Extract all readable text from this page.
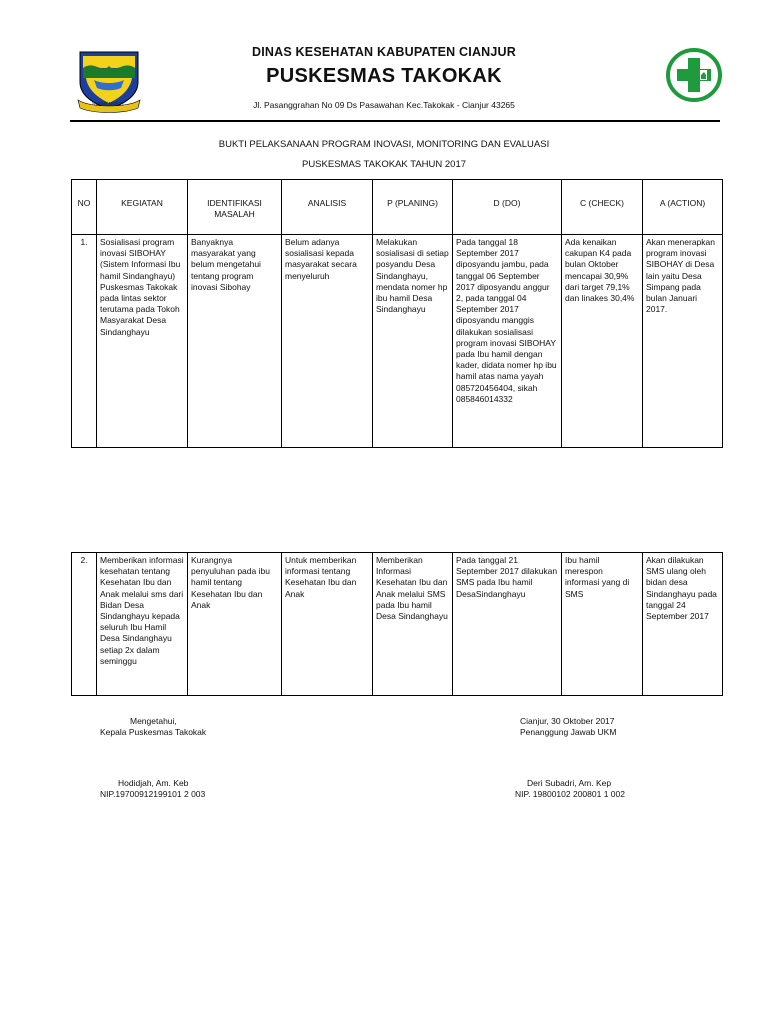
SUGIH MUKTI
DINAS KESEHATAN KABUPATEN CIANJUR
PUSKESMAS TAKOKAK
Jl. Pasanggrahan No 09 Ds Pasawahan Kec.Takokak - Cianjur 43265
BUKTI PELAKSANAAN PROGRAM INOVASI, MONITORING DAN EVALUASI
PUSKESMAS TAKOKAK TAHUN 2017
NO	KEGIATAN	IDENTIFIKASI MASALAH	ANALISIS	P (PLANING)	D (DO)	C (CHECK)	A (ACTION)
1.	Sosialisasi program inovasi SIBOHAY (Sistem Informasi Ibu hamil Sindanghayu) Puskesmas Takokak pada lintas sektor terutama pada Tokoh Masyarakat Desa Sindanghayu	Banyaknya masyarakat yang belum mengetahui tentang program inovasi Sibohay	Belum adanya sosialisasi kepada masyarakat secara menyeluruh	Melakukan sosialisasi di setiap posyandu Desa Sindanghayu, mendata nomer hp ibu hamil Desa Sindanghayu	Pada tanggal 18 September 2017 diposyandu jambu, pada tanggal 06 September 2017 diposyandu anggur 2, pada tanggal 04 September 2017 diposyandu manggis dilakukan sosialisasi program inovasi SIBOHAY pada Ibu hamil dengan kader, didata nomer hp ibu hamil atas nama yayah 085720456404, sikah 085846014332	Ada kenaikan cakupan K4 pada bulan Oktober mencapai 30,9% dari target 79,1% dan linakes 30,4%	Akan menerapkan program inovasi SIBOHAY di Desa lain yaitu Desa Simpang pada bulan Januari 2017.
2.	Memberikan informasi kesehatan tentang Kesehatan Ibu dan Anak melalui sms dari Bidan Desa Sindanghayu kepada seluruh Ibu Hamil Desa Sindanghayu setiap 2x dalam seminggu	Kurangnya penyuluhan pada ibu hamil tentang Kesehatan Ibu dan Anak	Untuk memberikan informasi tentang Kesehatan Ibu dan Anak	Memberikan Informasi Kesehatan Ibu dan Anak melalui SMS pada Ibu hamil Desa Sindanghayu	Pada tanggal 21 September 2017 dilakukan SMS pada Ibu hamil DesaSindanghayu	Ibu hamil merespon informasi yang di SMS	Akan dilakukan SMS ulang oleh bidan desa Sindanghayu pada tanggal 24 September 2017
Mengetahui,
Kepala Puskesmas Takokak
Hodidjah, Am. Keb
NIP.19700912199101 2 003
Cianjur, 30 Oktober 2017
Penanggung Jawab UKM
Deri Subadri, Am. Kep
NIP. 19800102 200801 1 002
